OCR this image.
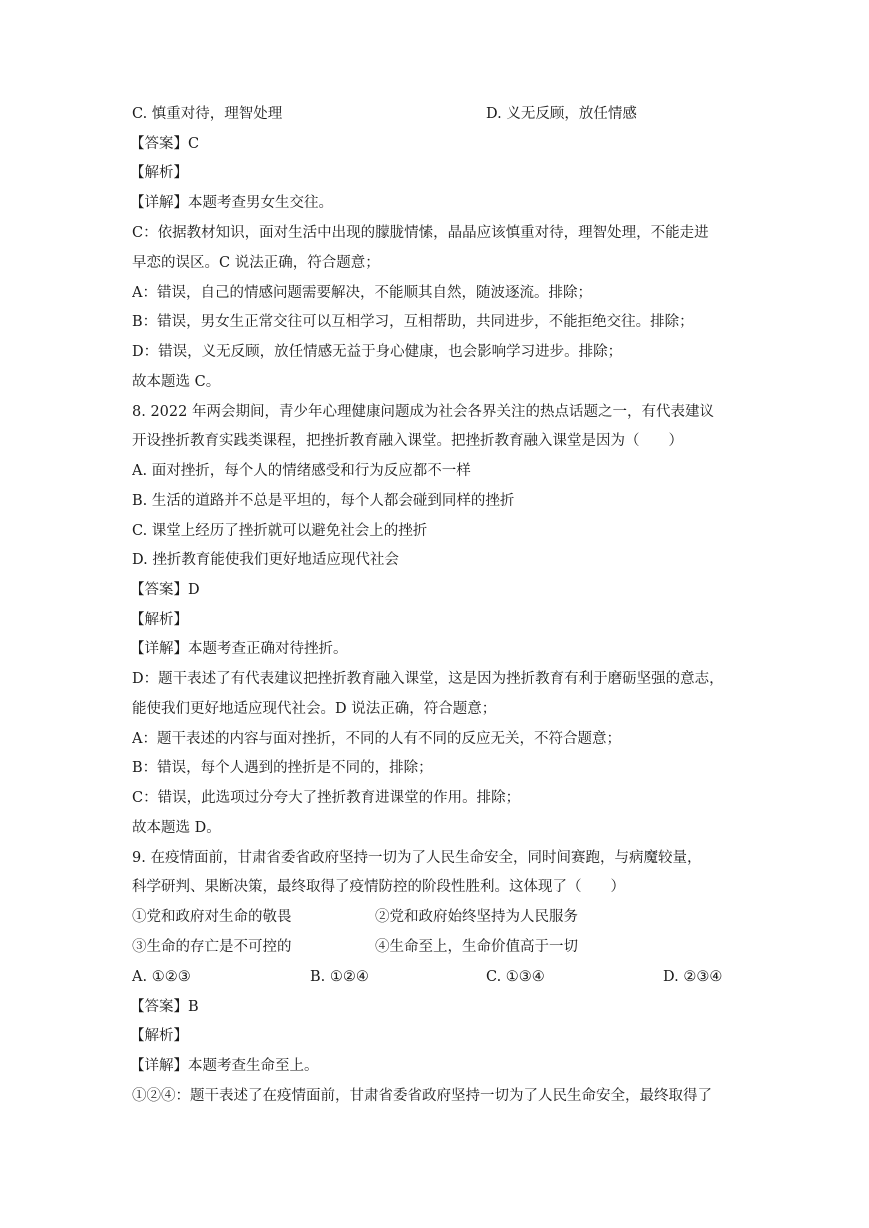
C. 慎重对待，理智处理	D. 义无反顾，放任情感
【答案】C
【解析】
【详解】本题考查男女生交往。
C：依据教材知识，面对生活中出现的朦胧情愫，晶晶应该慎重对待，理智处理，不能走进
早恋的误区。C 说法正确，符合题意；
A：错误，自己的情感问题需要解决，不能顺其自然，随波逐流。排除；
B：错误，男女生正常交往可以互相学习，互相帮助，共同进步，不能拒绝交往。排除；
D：错误，义无反顾，放任情感无益于身心健康，也会影响学习进步。排除；
故本题选 C。
8. 2022 年两会期间，青少年心理健康问题成为社会各界关注的热点话题之一，有代表建议
开设挫折教育实践类课程，把挫折教育融入课堂。把挫折教育融入课堂是因为（　　）
A. 面对挫折，每个人的情绪感受和行为反应都不一样
B. 生活的道路并不总是平坦的，每个人都会碰到同样的挫折
C. 课堂上经历了挫折就可以避免社会上的挫折
D. 挫折教育能使我们更好地适应现代社会
【答案】D
【解析】
【详解】本题考查正确对待挫折。
D：题干表述了有代表建议把挫折教育融入课堂，这是因为挫折教育有利于磨砺坚强的意志，
能使我们更好地适应现代社会。D 说法正确，符合题意；
A：题干表述的内容与面对挫折，不同的人有不同的反应无关，不符合题意；
B：错误，每个人遇到的挫折是不同的，排除；
C：错误，此选项过分夸大了挫折教育进课堂的作用。排除；
故本题选 D。
9. 在疫情面前，甘肃省委省政府坚持一切为了人民生命安全，同时间赛跑，与病魔较量，
科学研判、果断决策，最终取得了疫情防控的阶段性胜利。这体现了（　　）
①党和政府对生命的敬畏	②党和政府始终坚持为人民服务
③生命的存亡是不可控的	④生命至上，生命价值高于一切
A. ①②③	B. ①②④	C. ①③④	D. ②③④
【答案】B
【解析】
【详解】本题考查生命至上。
①②④：题干表述了在疫情面前，甘肃省委省政府坚持一切为了人民生命安全，最终取得了
